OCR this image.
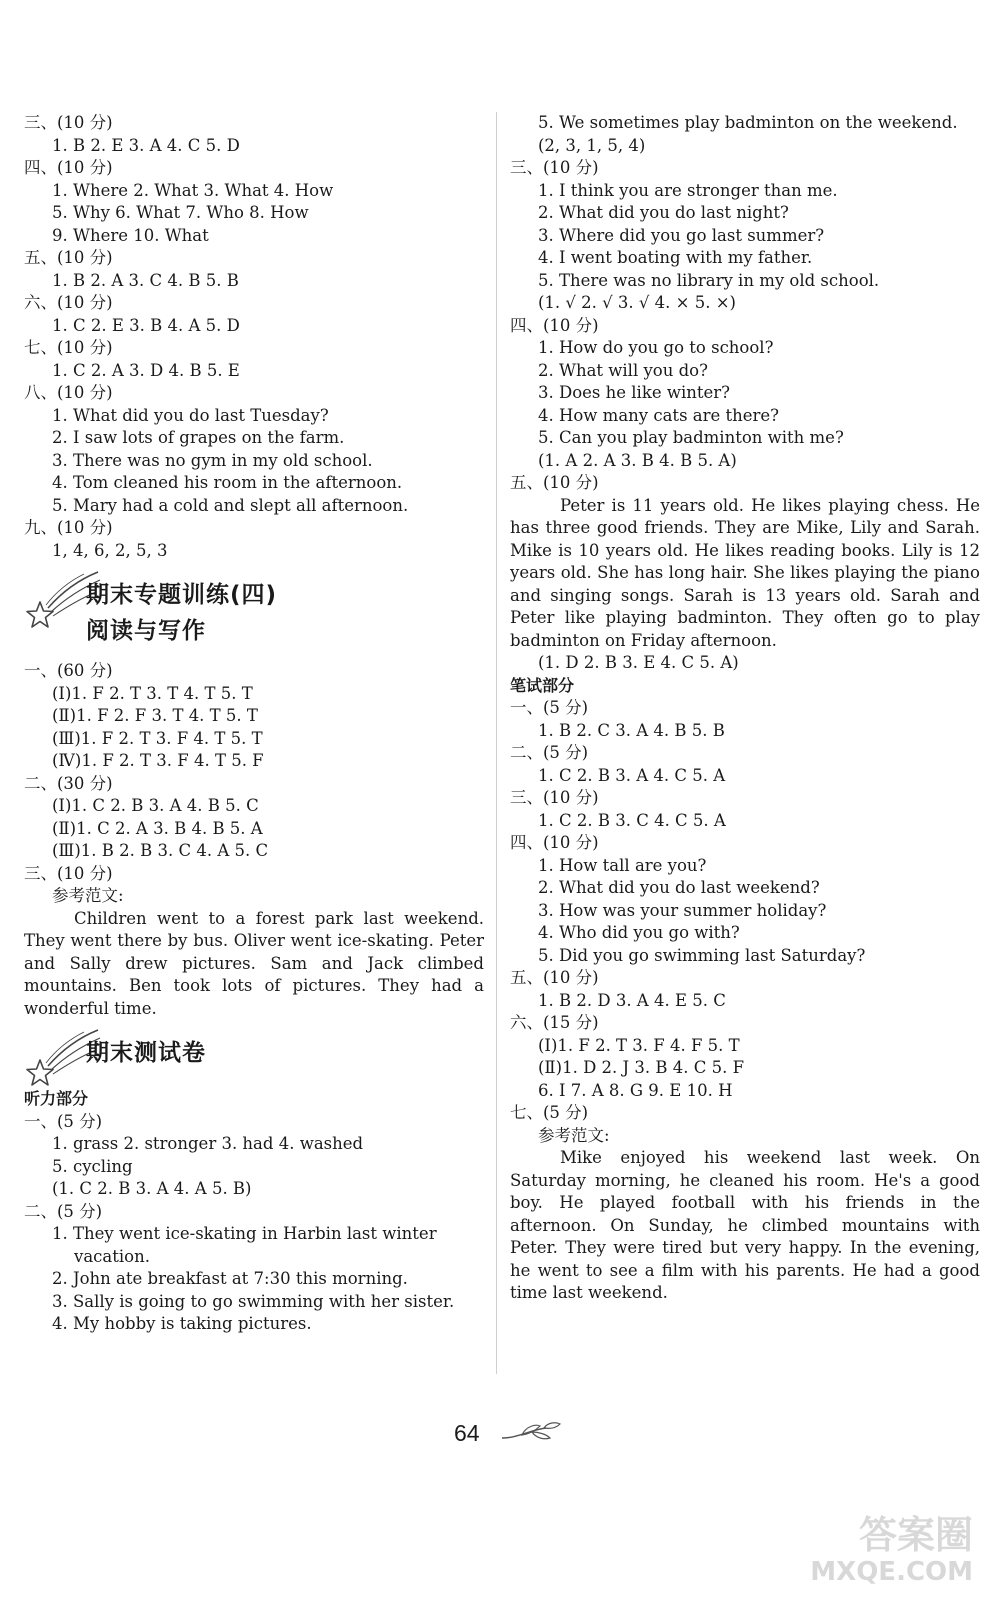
三、(10 分)
1. B 2. E 3. A 4. C 5. D
四、(10 分)
1. Where 2. What 3. What 4. How
5. Why 6. What 7. Who 8. How
9. Where 10. What
五、(10 分)
1. B 2. A 3. C 4. B 5. B
六、(10 分)
1. C 2. E 3. B 4. A 5. D
七、(10 分)
1. C 2. A 3. D 4. B 5. E
八、(10 分)
1. What did you do last Tuesday?
2. I saw lots of grapes on the farm.
3. There was no gym in my old school.
4. Tom cleaned his room in the afternoon.
5. Mary had a cold and slept all afternoon.
九、(10 分)
1, 4, 6, 2, 5, 3
期末专题训练(四)
阅读与写作
一、(60 分)
(Ⅰ)1. F 2. T 3. T 4. T 5. T
(Ⅱ)1. F 2. F 3. T 4. T 5. T
(Ⅲ)1. F 2. T 3. F 4. T 5. T
(Ⅳ)1. F 2. T 3. F 4. T 5. F
二、(30 分)
(Ⅰ)1. C 2. B 3. A 4. B 5. C
(Ⅱ)1. C 2. A 3. B 4. B 5. A
(Ⅲ)1. B 2. B 3. C 4. A 5. C
三、(10 分)
参考范文:
Children went to a forest park last weekend. They went there by bus. Oliver went ice-skating. Peter and Sally drew pictures. Sam and Jack climbed mountains. Ben took lots of pictures. They had a wonderful time.
期末测试卷
听力部分
一、(5 分)
1. grass 2. stronger 3. had 4. washed
5. cycling
(1. C 2. B 3. A 4. A 5. B)
二、(5 分)
1. They went ice-skating in Harbin last winter
vacation.
2. John ate breakfast at 7:30 this morning.
3. Sally is going to go swimming with her sister.
4. My hobby is taking pictures.
5. We sometimes play badminton on the weekend.
(2, 3, 1, 5, 4)
三、(10 分)
1. I think you are stronger than me.
2. What did you do last night?
3. Where did you go last summer?
4. I went boating with my father.
5. There was no library in my old school.
(1. √ 2. √ 3. √ 4. × 5. ×)
四、(10 分)
1. How do you go to school?
2. What will you do?
3. Does he like winter?
4. How many cats are there?
5. Can you play badminton with me?
(1. A 2. A 3. B 4. B 5. A)
五、(10 分)
Peter is 11 years old. He likes playing chess. He has three good friends. They are Mike, Lily and Sarah. Mike is 10 years old. He likes reading books. Lily is 12 years old. She has long hair. She likes playing the piano and singing songs. Sarah is 13 years old. Sarah and Peter like playing badminton. They often go to play badminton on Friday afternoon.
(1. D 2. B 3. E 4. C 5. A)
笔试部分
一、(5 分)
1. B 2. C 3. A 4. B 5. B
二、(5 分)
1. C 2. B 3. A 4. C 5. A
三、(10 分)
1. C 2. B 3. C 4. C 5. A
四、(10 分)
1. How tall are you?
2. What did you do last weekend?
3. How was your summer holiday?
4. Who did you go with?
5. Did you go swimming last Saturday?
五、(10 分)
1. B 2. D 3. A 4. E 5. C
六、(15 分)
(Ⅰ)1. F 2. T 3. F 4. F 5. T
(Ⅱ)1. D 2. J 3. B 4. C 5. F
6. I 7. A 8. G 9. E 10. H
七、(5 分)
参考范文:
Mike enjoyed his weekend last week. On Saturday morning, he cleaned his room. He's a good boy. He played football with his friends in the afternoon. On Sunday, he climbed mountains with Peter. They were tired but very happy. In the evening, he went to see a film with his parents. He had a good time last weekend.
64
答案圈
MXQE.COM
